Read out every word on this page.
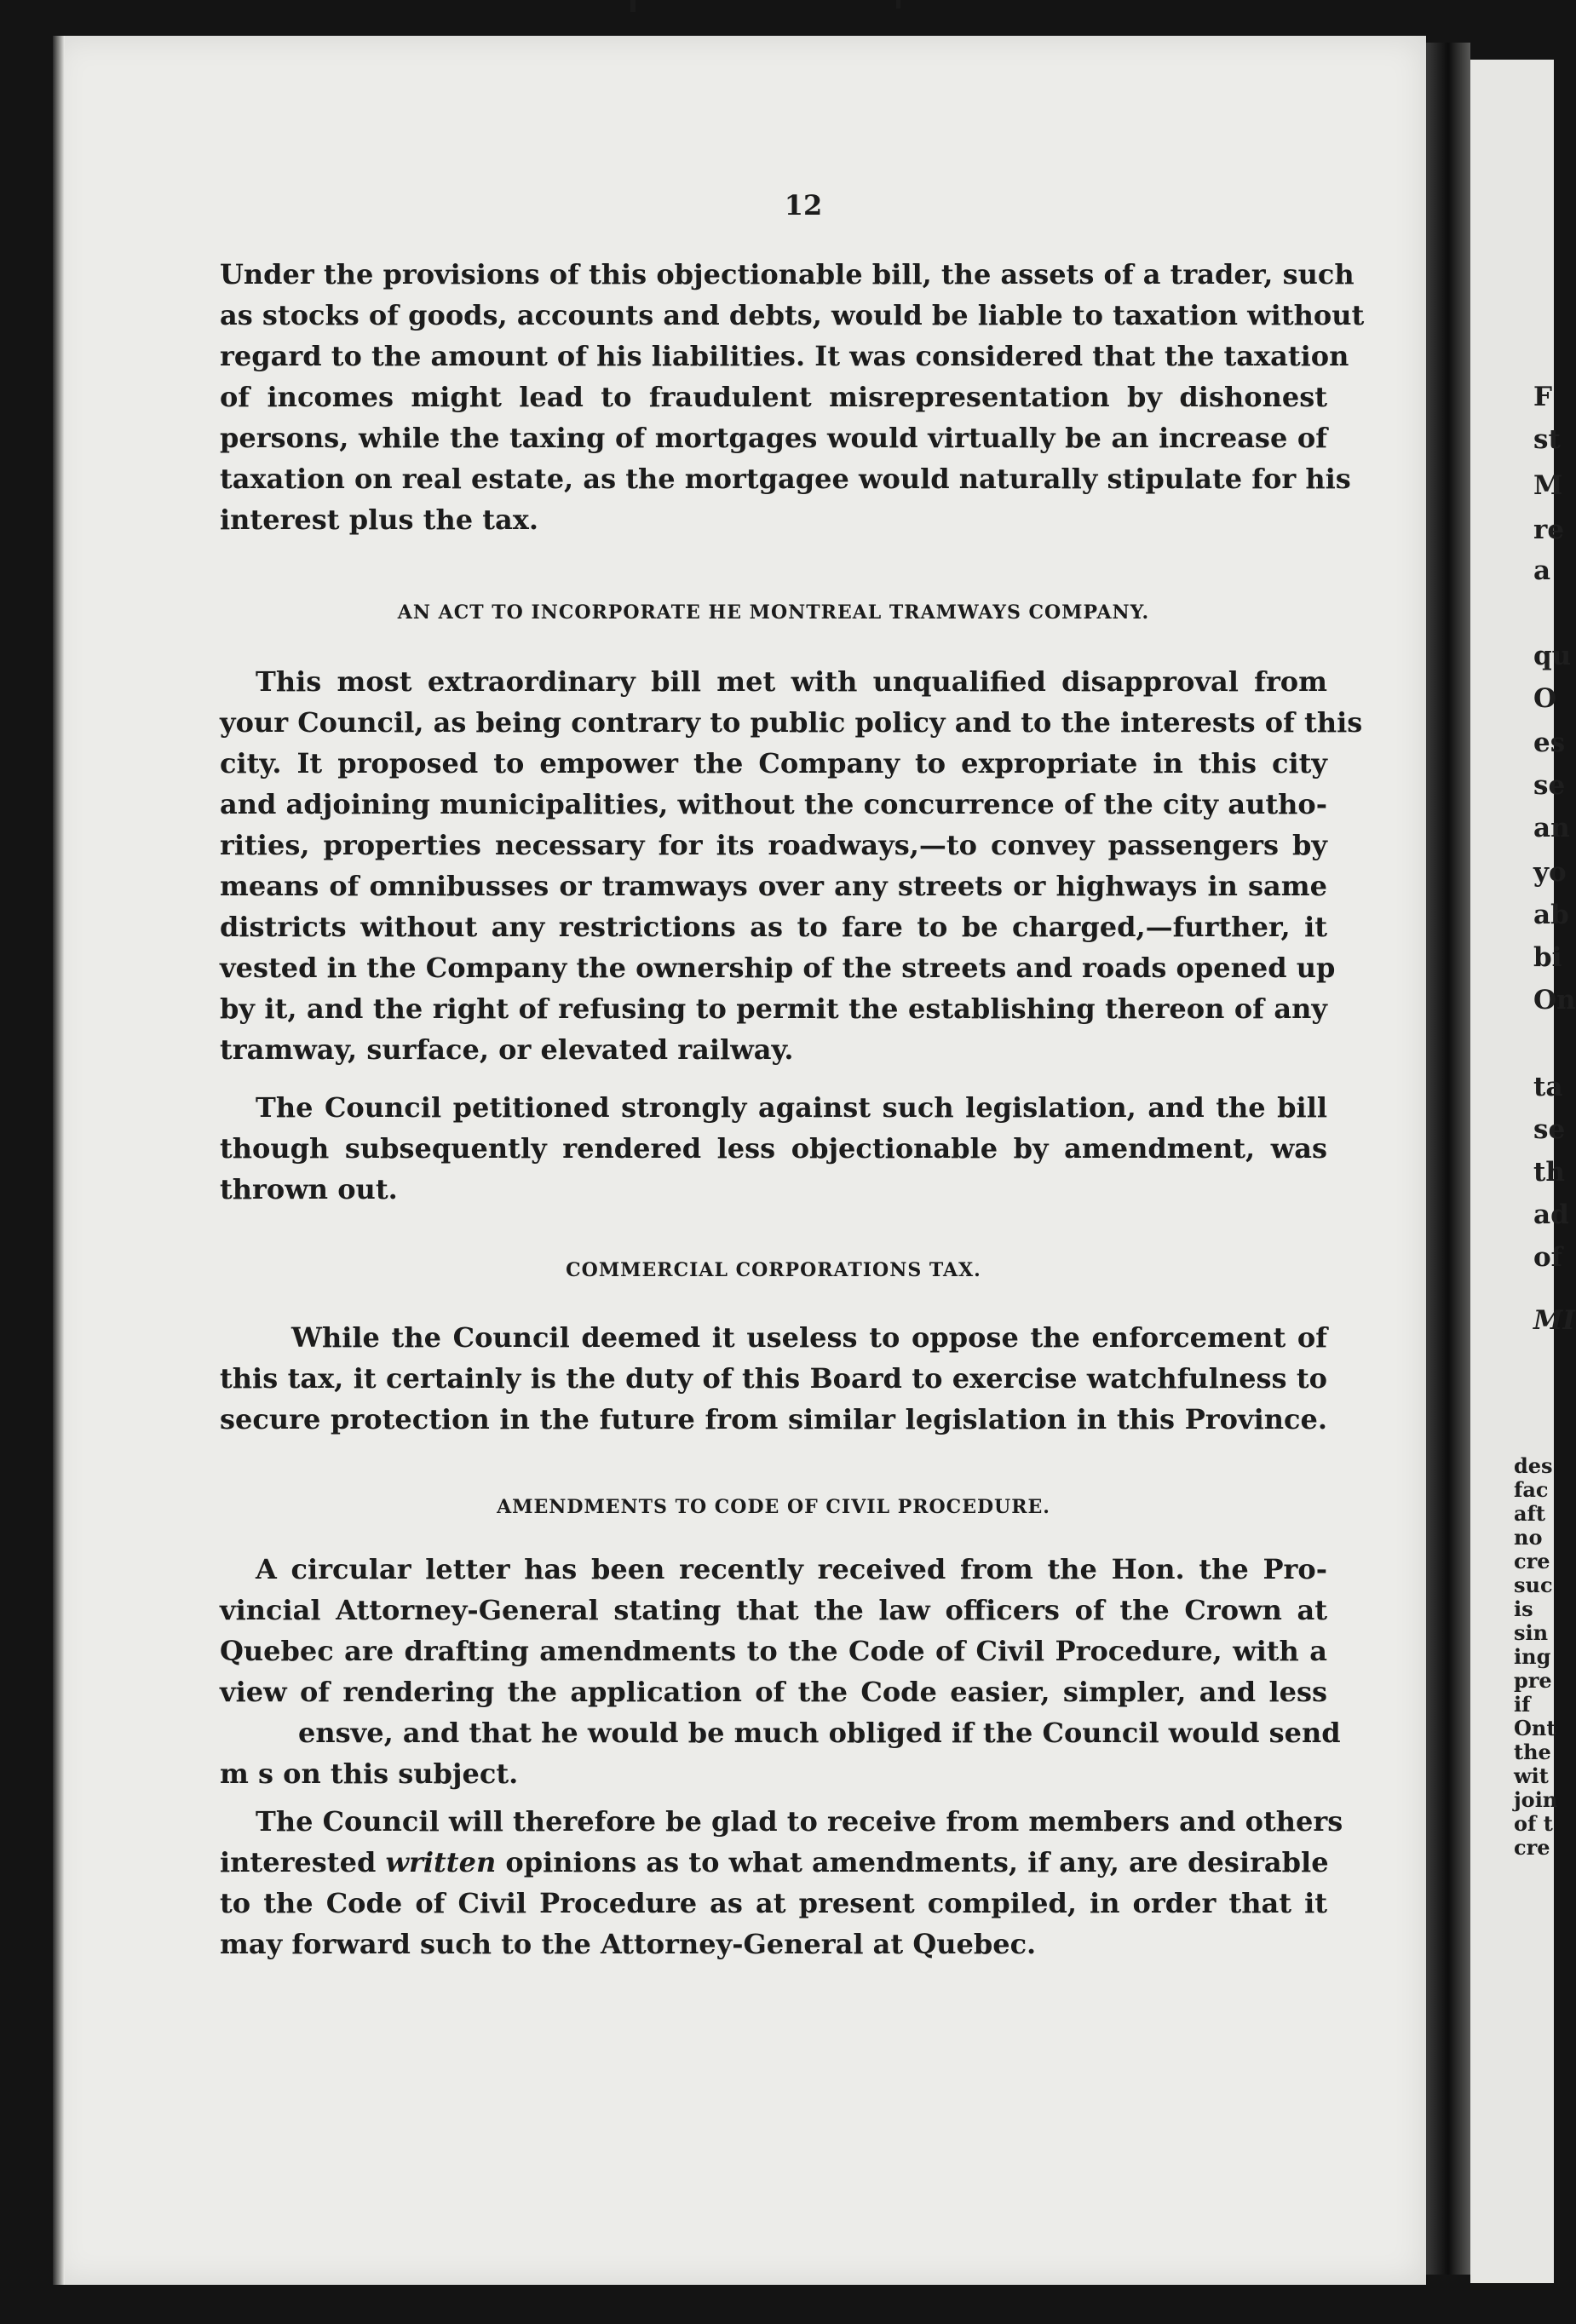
12
Under the provisions of this objectionable bill, the assets of a trader, such
as stocks of goods, accounts and debts, would be liable to taxation without
regard to the amount of his liabilities. It was considered that the taxation
of incomes might lead to fraudulent misrepresentation by dishonest
persons, while the taxing of mortgages would virtually be an increase of
taxation on real estate, as the mortgagee would naturally stipulate for his
interest plus the tax.
AN ACT TO INCORPORATE HE MONTREAL TRAMWAYS COMPANY.
This most extraordinary bill met with unqualified disapproval from
your Council, as being contrary to public policy and to the interests of this
city. It proposed to empower the Company to expropriate in this city
and adjoining municipalities, without the concurrence of the city autho-
rities, properties necessary for its roadways,—to convey passengers by
means of omnibusses or tramways over any streets or highways in same
districts without any restrictions as to fare to be charged,—further, it
vested in the Company the ownership of the streets and roads opened up
by it, and the right of refusing to permit the establishing thereon of any
tramway, surface, or elevated railway.
The Council petitioned strongly against such legislation, and the bill
though subsequently rendered less objectionable by amendment, was
thrown out.
COMMERCIAL CORPORATIONS TAX.
While the Council deemed it useless to oppose the enforcement of
this tax, it certainly is the duty of this Board to exercise watchfulness to
secure protection in the future from similar legislation in this Province.
AMENDMENTS TO CODE OF CIVIL PROCEDURE.
A circular letter has been recently received from the Hon. the Pro-
vincial Attorney-General stating that the law officers of the Crown at
Quebec are drafting amendments to the Code of Civil Procedure, with a
view of rendering the application of the Code easier, simpler, and less
ensve, and that he would be much obliged if the Council would send
m s on this subject.
The Council will therefore be glad to receive from members and others
interested written opinions as to what amendments, if any, are desirable
to the Code of Civil Procedure as at present compiled, in order that it
may forward such to the Attorney-General at Quebec.
F
st
M
re
a
qu
O
es
se
an
yo
ab
bi
On
ta
se
th
ad
of
MI
des
fac
aft
no
cre
suc
is
sin
ing
pre
if
Ont
the
wit
join
of t
cre
